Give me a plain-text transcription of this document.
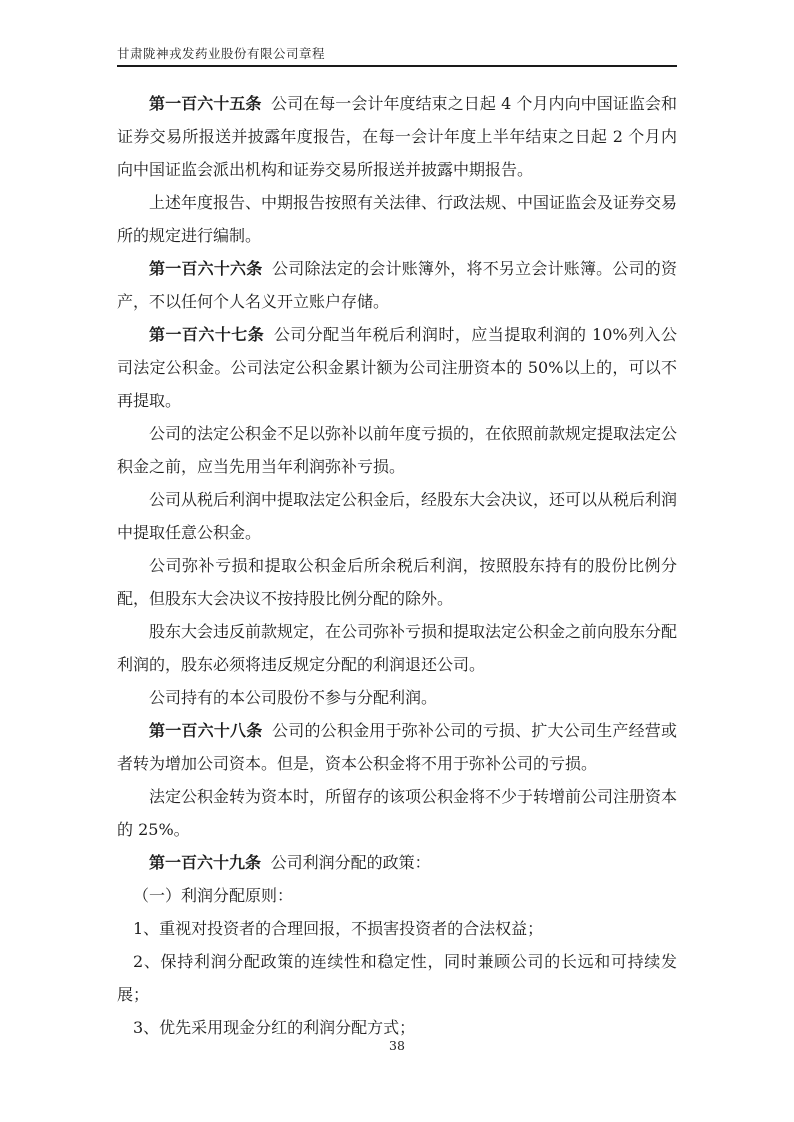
甘肃陇神戎发药业股份有限公司章程

第一百六十五条 公司在每一会计年度结束之日起 4 个月内向中国证监会和证券交易所报送并披露年度报告，在每一会计年度上半年结束之日起 2 个月内向中国证监会派出机构和证券交易所报送并披露中期报告。

上述年度报告、中期报告按照有关法律、行政法规、中国证监会及证券交易所的规定进行编制。

第一百六十六条 公司除法定的会计账簿外，将不另立会计账簿。公司的资产，不以任何个人名义开立账户存储。

第一百六十七条 公司分配当年税后利润时，应当提取利润的 10%列入公司法定公积金。公司法定公积金累计额为公司注册资本的 50%以上的，可以不再提取。

公司的法定公积金不足以弥补以前年度亏损的，在依照前款规定提取法定公积金之前，应当先用当年利润弥补亏损。

公司从税后利润中提取法定公积金后，经股东大会决议，还可以从税后利润中提取任意公积金。

公司弥补亏损和提取公积金后所余税后利润，按照股东持有的股份比例分配，但股东大会决议不按持股比例分配的除外。

股东大会违反前款规定，在公司弥补亏损和提取法定公积金之前向股东分配利润的，股东必须将违反规定分配的利润退还公司。

公司持有的本公司股份不参与分配利润。

第一百六十八条 公司的公积金用于弥补公司的亏损、扩大公司生产经营或者转为增加公司资本。但是，资本公积金将不用于弥补公司的亏损。

法定公积金转为资本时，所留存的该项公积金将不少于转增前公司注册资本的 25%。

第一百六十九条 公司利润分配的政策：

（一）利润分配原则：

1、重视对投资者的合理回报，不损害投资者的合法权益；

2、保持利润分配政策的连续性和稳定性，同时兼顾公司的长远和可持续发展；

3、优先采用现金分红的利润分配方式；

38
